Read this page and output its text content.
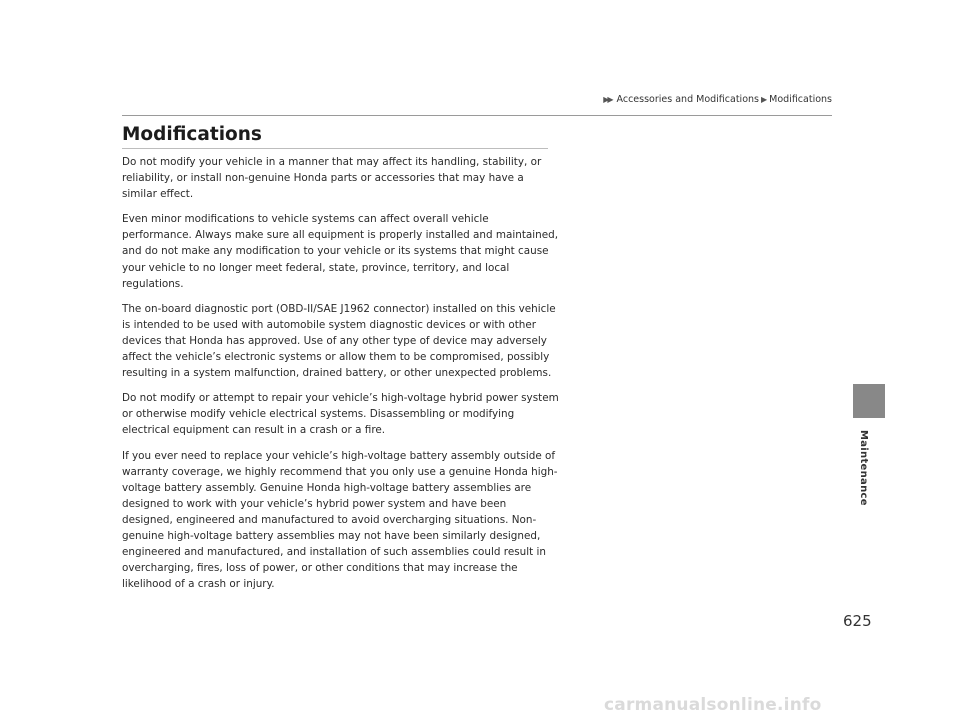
▶▶ Accessories and Modifications ▶ Modifications
Modifications

Do not modify your vehicle in a manner that may affect its handling, stability, or reliability, or install non-genuine Honda parts or accessories that may have a similar effect.

Even minor modifications to vehicle systems can affect overall vehicle performance. Always make sure all equipment is properly installed and maintained, and do not make any modification to your vehicle or its systems that might cause your vehicle to no longer meet federal, state, province, territory, and local regulations.

The on-board diagnostic port (OBD-II/SAE J1962 connector) installed on this vehicle is intended to be used with automobile system diagnostic devices or with other devices that Honda has approved. Use of any other type of device may adversely affect the vehicle’s electronic systems or allow them to be compromised, possibly resulting in a system malfunction, drained battery, or other unexpected problems.

Do not modify or attempt to repair your vehicle’s high-voltage hybrid power system or otherwise modify vehicle electrical systems. Disassembling or modifying electrical equipment can result in a crash or a fire.

If you ever need to replace your vehicle’s high-voltage battery assembly outside of warranty coverage, we highly recommend that you only use a genuine Honda high-voltage battery assembly. Genuine Honda high-voltage battery assemblies are designed to work with your vehicle’s hybrid power system and have been designed, engineered and manufactured to avoid overcharging situations. Non-genuine high-voltage battery assemblies may not have been similarly designed, engineered and manufactured, and installation of such assemblies could result in overcharging, fires, loss of power, or other conditions that may increase the likelihood of a crash or injury.

Maintenance
625
carmanualsonline.info
